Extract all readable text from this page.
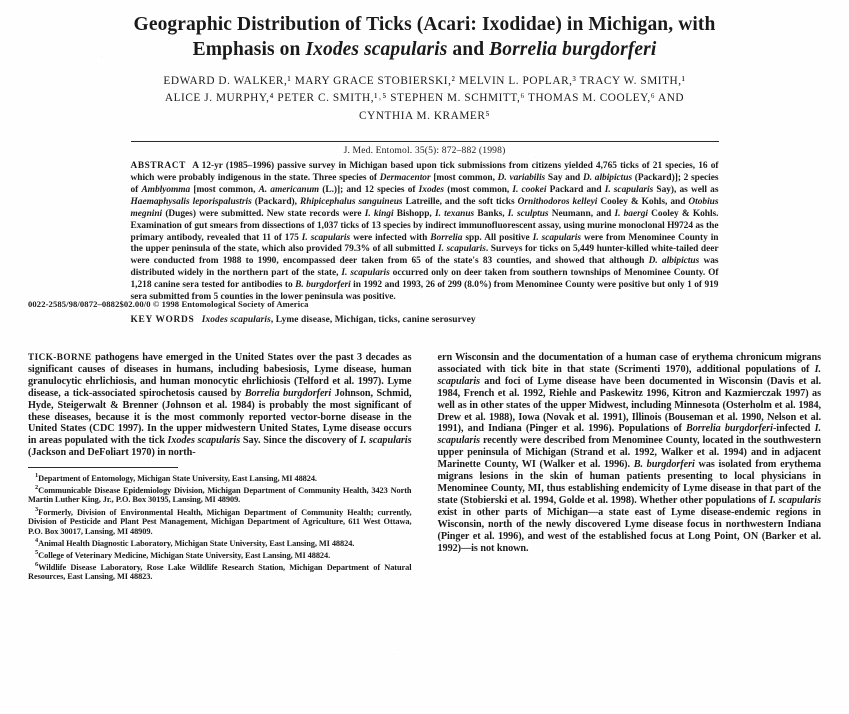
Geographic Distribution of Ticks (Acari: Ixodidae) in Michigan, with
Emphasis on Ixodes scapularis and Borrelia burgdorferi
EDWARD D. WALKER,¹ MARY GRACE STOBIERSKI,² MELVIN L. POPLAR,³ TRACY W. SMITH,¹
ALICE J. MURPHY,⁴ PETER C. SMITH,¹˒⁵ STEPHEN M. SCHMITT,⁶ THOMAS M. COOLEY,⁶ AND
CYNTHIA M. KRAMER⁵
J. Med. Entomol. 35(5): 872–882 (1998)
ABSTRACT A 12-yr (1985–1996) passive survey in Michigan based upon tick submissions from citizens yielded 4,765 ticks of 21 species, 16 of which were probably indigenous in the state. Three species of Dermacentor [most common, D. variabilis Say and D. albipictus (Packard)]; 2 species of Amblyomma [most common, A. americanum (L.)]; and 12 species of Ixodes (most common, I. cookei Packard and I. scapularis Say), as well as Haemaphysalis leporispalustris (Packard), Rhipicephalus sanguineus Latreille, and the soft ticks Ornithodoros kelleyi Cooley & Kohls, and Otobius megnini (Duges) were submitted. New state records were I. kingi Bishopp, I. texanus Banks, I. sculptus Neumann, and I. baergi Cooley & Kohls. Examination of gut smears from dissections of 1,037 ticks of 13 species by indirect immunofluorescent assay, using murine monoclonal H9724 as the primary antibody, revealed that 11 of 175 I. scapularis were infected with Borrelia spp. All positive I. scapularis were from Menominee County in the upper peninsula of the state, which also provided 79.3% of all submitted I. scapularis. Surveys for ticks on 5,449 hunter-killed white-tailed deer were conducted from 1988 to 1990, encompassed deer taken from 65 of the state's 83 counties, and showed that although D. albipictus was distributed widely in the northern part of the state, I. scapularis occurred only on deer taken from southern townships of Menominee County. Of 1,218 canine sera tested for antibodies to B. burgdorferi in 1992 and 1993, 26 of 299 (8.0%) from Menominee County were positive but only 1 of 919 sera submitted from 5 counties in the lower peninsula was positive.
KEY WORDS Ixodes scapularis, Lyme disease, Michigan, ticks, canine serosurvey

TICK-BORNE pathogens have emerged in the United States over the past 3 decades as significant causes of diseases in humans, including babesiosis, Lyme disease, human granulocytic ehrlichiosis, and human monocytic ehrlichiosis (Telford et al. 1997). Lyme disease, a tick-associated spirochetosis caused by Borrelia burgdorferi Johnson, Schmid, Hyde, Steigerwalt & Brenner (Johnson et al. 1984) is probably the most significant of these diseases, because it is the most commonly reported vector-borne disease in the United States (CDC 1997). In the upper midwestern United States, Lyme disease occurs in areas populated with the tick Ixodes scapularis Say. Since the discovery of I. scapularis (Jackson and DeFoliart 1970) in north-

$^1$Department of Entomology, Michigan State University, East Lansing, MI 48824.

$^2$Communicable Disease Epidemiology Division, Michigan Department of Community Health, 3423 North Martin Luther King, Jr., P.O. Box 30195, Lansing, MI 48909.

$^3$Formerly, Division of Environmental Health, Michigan Department of Community Health; currently, Division of Pesticide and Plant Pest Management, Michigan Department of Agriculture, 611 West Ottawa, P.O. Box 30017, Lansing, MI 48909.

$^4$Animal Health Diagnostic Laboratory, Michigan State University, East Lansing, MI 48824.

$^5$College of Veterinary Medicine, Michigan State University, East Lansing, MI 48824.

$^6$Wildlife Disease Laboratory, Rose Lake Wildlife Research Station, Michigan Department of Natural Resources, East Lansing, MI 48823.

ern Wisconsin and the documentation of a human case of erythema chronicum migrans associated with tick bite in that state (Scrimenti 1970), additional populations of I. scapularis and foci of Lyme disease have been documented in Wisconsin (Davis et al. 1984, French et al. 1992, Riehle and Paskewitz 1996, Kitron and Kazmierczak 1997) as well as in other states of the upper Midwest, including Minnesota (Osterholm et al. 1984, Drew et al. 1988), Iowa (Novak et al. 1991), Illinois (Bouseman et al. 1990, Nelson et al. 1991), and Indiana (Pinger et al. 1996). Populations of Borrelia burgdorferi-infected I. scapularis recently were described from Menominee County, located in the southwestern upper peninsula of Michigan (Strand et al. 1992, Walker et al. 1994) and in adjacent Marinette County, WI (Walker et al. 1996). B. burgdorferi was isolated from erythema migrans lesions in the skin of human patients presenting to local physicians in Menominee County, MI, thus establishing endemicity of Lyme disease in that part of the state (Stobierski et al. 1994, Golde et al. 1998). Whether other populations of I. scapularis exist in other parts of Michigan—a state east of Lyme disease-endemic regions in Wisconsin, north of the newly discovered Lyme disease focus in northwestern Indiana (Pinger et al. 1996), and west of the established focus at Long Point, ON (Barker et al. 1992)—is not known.

0022-2585/98/0872–0882$02.00/0 © 1998 Entomological Society of America
